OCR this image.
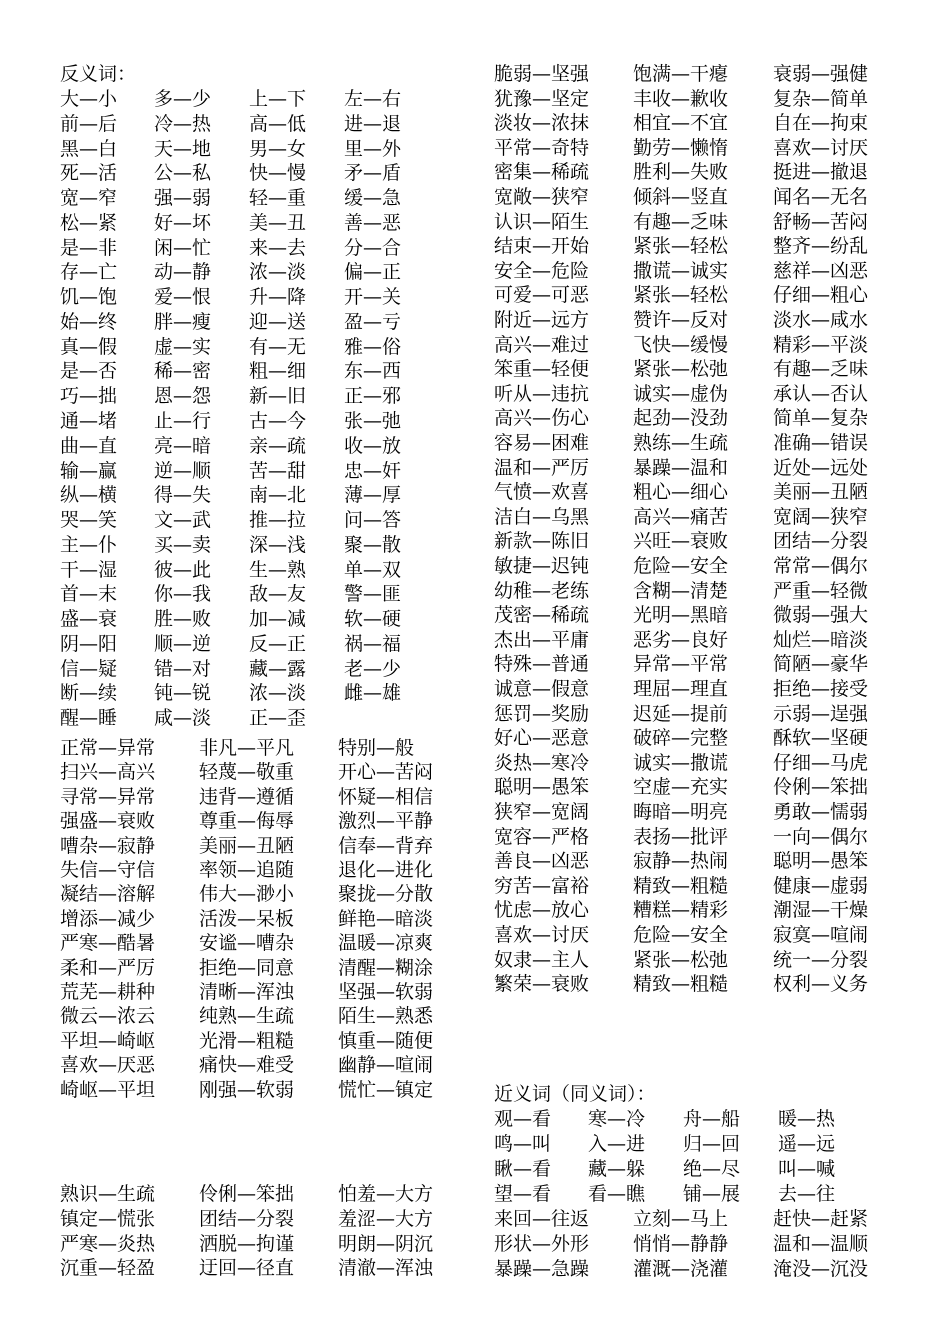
反义词：
大—小 多—少 上—下 左—右
前—后 冷—热 高—低 进—退
黑—白 天—地 男—女 里—外
死—活 公—私 快—慢 矛—盾
宽—窄 强—弱 轻—重 缓—急
松—紧 好—坏 美—丑 善—恶
是—非 闲—忙 来—去 分—合
存—亡 动—静 浓—淡 偏—正
饥—饱 爱—恨 升—降 开—关
始—终 胖—瘦 迎—送 盈—亏
真—假 虚—实 有—无 雅—俗
是—否 稀—密 粗—细 东—西
巧—拙 恩—怨 新—旧 正—邪
通—堵 止—行 古—今 张—弛
曲—直 亮—暗 亲—疏 收—放
输—赢 逆—顺 苦—甜 忠—奸
纵—横 得—失 南—北 薄—厚
哭—笑 文—武 推—拉 问—答
主—仆 买—卖 深—浅 聚—散
干—湿 彼—此 生—熟 单—双
首—末 你—我 敌—友 警—匪
盛—衰 胜—败 加—减 软—硬
阴—阳 顺—逆 反—正 祸—福
信—疑 错—对 藏—露 老—少
断—续 钝—锐 浓—淡 雌—雄
醒—睡 咸—淡 正—歪
正常—异常 非凡—平凡 特别—般
扫兴—高兴 轻蔑—敬重 开心—苦闷
寻常—异常 违背—遵循 怀疑—相信
强盛—衰败 尊重—侮辱 激烈—平静
嘈杂—寂静 美丽—丑陋 信奉—背弃
失信—守信 率领—追随 退化—进化
凝结—溶解 伟大—渺小 聚拢—分散
增添—减少 活泼—呆板 鲜艳—暗淡
严寒—酷暑 安谧—嘈杂 温暖—凉爽
柔和—严厉 拒绝—同意 清醒—糊涂
荒芜—耕种 清晰—浑浊 坚强—软弱
微云—浓云 纯熟—生疏 陌生—熟悉
平坦—崎岖 光滑—粗糙 慎重—随便
喜欢—厌恶 痛快—难受 幽静—喧闹
崎岖—平坦 刚强—软弱 慌忙—镇定
熟识—生疏 伶俐—笨拙 怕羞—大方
镇定—慌张 团结—分裂 羞涩—大方
严寒—炎热 洒脱—拘谨 明朗—阴沉
沉重—轻盈 迂回—径直 清澈—浑浊
脆弱—坚强 饱满—干瘪 衰弱—强健
犹豫—坚定 丰收—歉收 复杂—简单
淡妆—浓抹 相宜—不宜 自在—拘束
平常—奇特 勤劳—懒惰 喜欢—讨厌
密集—稀疏 胜利—失败 挺进—撤退
宽敞—狭窄 倾斜—竖直 闻名—无名
认识—陌生 有趣—乏味 舒畅—苦闷
结束—开始 紧张—轻松 整齐—纷乱
安全—危险 撒谎—诚实 慈祥—凶恶
可爱—可恶 紧张—轻松 仔细—粗心
附近—远方 赞许—反对 淡水—咸水
高兴—难过 飞快—缓慢 精彩—平淡
笨重—轻便 紧张—松弛 有趣—乏味
听从—违抗 诚实—虚伪 承认—否认
高兴—伤心 起劲—没劲 简单—复杂
容易—困难 熟练—生疏 准确—错误
温和—严厉 暴躁—温和 近处—远处
气愤—欢喜 粗心—细心 美丽—丑陋
洁白—乌黑 高兴—痛苦 宽阔—狭窄
新款—陈旧 兴旺—衰败 团结—分裂
敏捷—迟钝 危险—安全 常常—偶尔
幼稚—老练 含糊—清楚 严重—轻微
茂密—稀疏 光明—黑暗 微弱—强大
杰出—平庸 恶劣—良好 灿烂—暗淡
特殊—普通 异常—平常 简陋—豪华
诚意—假意 理屈—理直 拒绝—接受
惩罚—奖励 迟延—提前 示弱—逞强
好心—恶意 破碎—完整 酥软—坚硬
炎热—寒冷 诚实—撒谎 仔细—马虎
聪明—愚笨 空虚—充实 伶俐—笨拙
狭窄—宽阔 晦暗—明亮 勇敢—懦弱
宽容—严格 表扬—批评 一向—偶尔
善良—凶恶 寂静—热闹 聪明—愚笨
穷苦—富裕 精致—粗糙 健康—虚弱
忧虑—放心 糟糕—精彩 潮湿—干燥
喜欢—讨厌 危险—安全 寂寞—喧闹
奴隶—主人 紧张—松弛 统一—分裂
繁荣—衰败 精致—粗糙 权利—义务
近义词（同义词）：
观—看 寒—冷 舟—船 暖—热
鸣—叫 入—进 归—回 遥—远
瞅—看 藏—躲 绝—尽 叫—喊
望—看 看—瞧 铺—展 去—往
来回—往返 立刻—马上 赶快—赶紧
形状—外形 悄悄—静静 温和—温顺
暴躁—急躁 灌溉—浇灌 淹没—沉没
